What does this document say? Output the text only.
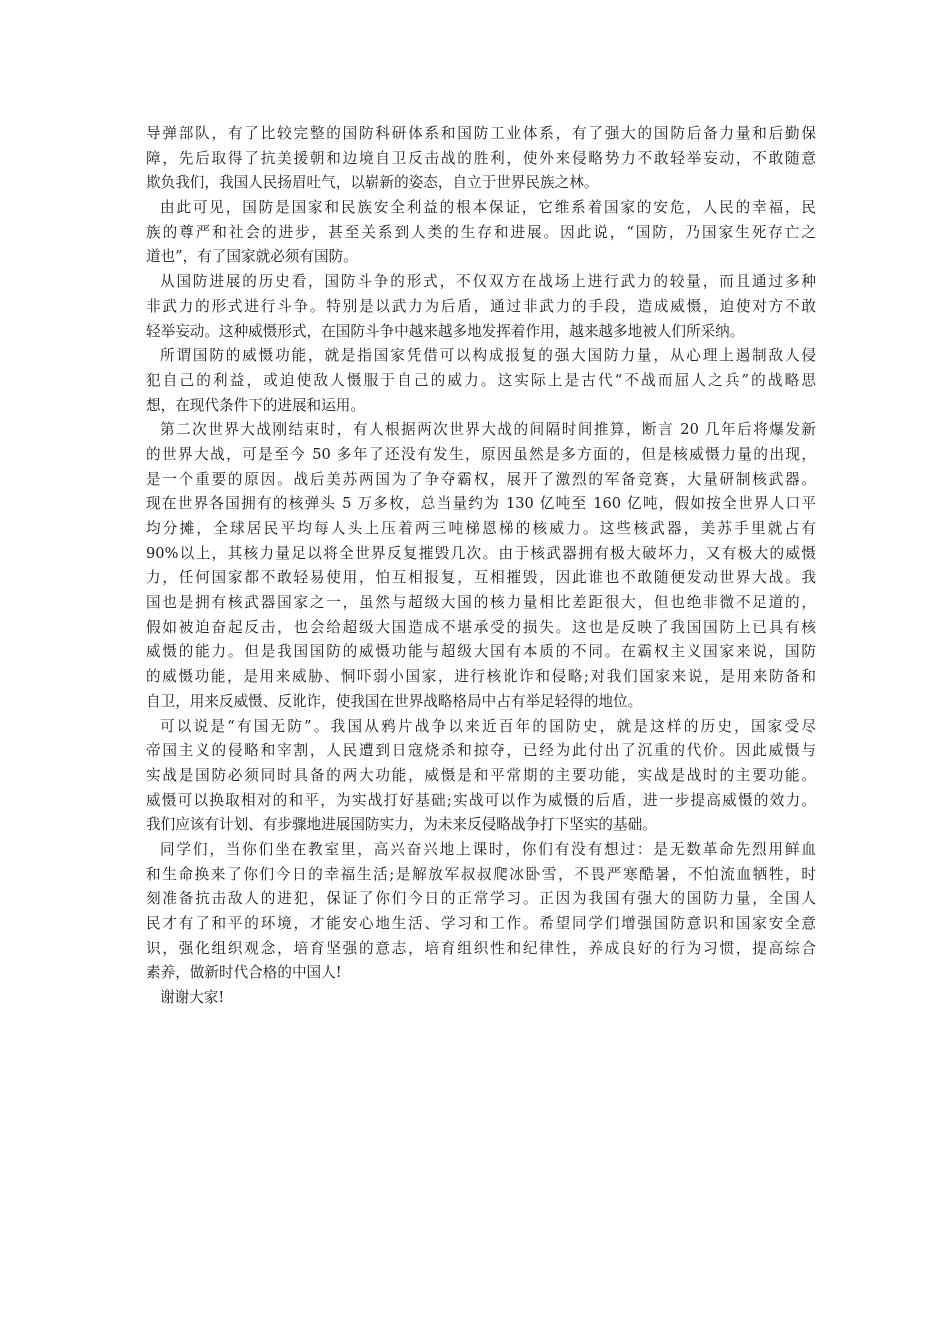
导弹部队，有了比较完整的国防科研体系和国防工业体系，有了强大的国防后备力量和后勤保
障，先后取得了抗美援朝和边境自卫反击战的胜利，使外来侵略势力不敢轻举妄动，不敢随意
欺负我们，我国人民扬眉吐气，以崭新的姿态，自立于世界民族之林。
由此可见，国防是国家和民族安全利益的根本保证，它维系着国家的安危，人民的幸福，民
族的尊严和社会的进步，甚至关系到人类的生存和进展。因此说，“国防，乃国家生死存亡之
道也”，有了国家就必须有国防。
从国防进展的历史看，国防斗争的形式，不仅双方在战场上进行武力的较量，而且通过多种
非武力的形式进行斗争。特别是以武力为后盾，通过非武力的手段，造成威慑，迫使对方不敢
轻举妄动。这种威慑形式，在国防斗争中越来越多地发挥着作用，越来越多地被人们所采纳。
所谓国防的威慑功能，就是指国家凭借可以构成报复的强大国防力量，从心理上遏制敌人侵
犯自己的利益，或迫使敌人慑服于自己的威力。这实际上是古代“不战而屈人之兵”的战略思
想，在现代条件下的进展和运用。
第二次世界大战刚结束时，有人根据两次世界大战的间隔时间推算，断言 20 几年后将爆发新
的世界大战，可是至今 50 多年了还没有发生，原因虽然是多方面的，但是核威慑力量的出现，
是一个重要的原因。战后美苏两国为了争夺霸权，展开了激烈的军备竞赛，大量研制核武器。
现在世界各国拥有的核弹头 5 万多枚，总当量约为 130 亿吨至 160 亿吨，假如按全世界人口平
均分摊，全球居民平均每人头上压着两三吨梯恩梯的核威力。这些核武器，美苏手里就占有
90%以上，其核力量足以将全世界反复摧毁几次。由于核武器拥有极大破坏力，又有极大的威慑
力，任何国家都不敢轻易使用，怕互相报复，互相摧毁，因此谁也不敢随便发动世界大战。我
国也是拥有核武器国家之一，虽然与超级大国的核力量相比差距很大，但也绝非微不足道的，
假如被迫奋起反击，也会给超级大国造成不堪承受的损失。这也是反映了我国国防上已具有核
威慑的能力。但是我国国防的威慑功能与超级大国有本质的不同。在霸权主义国家来说，国防
的威慑功能，是用来威胁、恫吓弱小国家，进行核讹诈和侵略;对我们国家来说，是用来防备和
自卫，用来反威慑、反讹诈，使我国在世界战略格局中占有举足轻得的地位。
可以说是“有国无防”。我国从鸦片战争以来近百年的国防史，就是这样的历史，国家受尽
帝国主义的侵略和宰割，人民遭到日寇烧杀和掠夺，已经为此付出了沉重的代价。因此威慑与
实战是国防必须同时具备的两大功能，威慑是和平常期的主要功能，实战是战时的主要功能。
威慑可以换取相对的和平，为实战打好基础;实战可以作为威慑的后盾，进一步提高威慑的效力。
我们应该有计划、有步骤地进展国防实力，为未来反侵略战争打下坚实的基础。
同学们，当你们坐在教室里，高兴奋兴地上课时，你们有没有想过：是无数革命先烈用鲜血
和生命换来了你们今日的幸福生活;是解放军叔叔爬冰卧雪，不畏严寒酷暑，不怕流血牺牲，时
刻准备抗击敌人的进犯，保证了你们今日的正常学习。正因为我国有强大的国防力量，全国人
民才有了和平的环境，才能安心地生活、学习和工作。希望同学们增强国防意识和国家安全意
识，强化组织观念，培育坚强的意志，培育组织性和纪律性，养成良好的行为习惯，提高综合
素养，做新时代合格的中国人!
谢谢大家!
